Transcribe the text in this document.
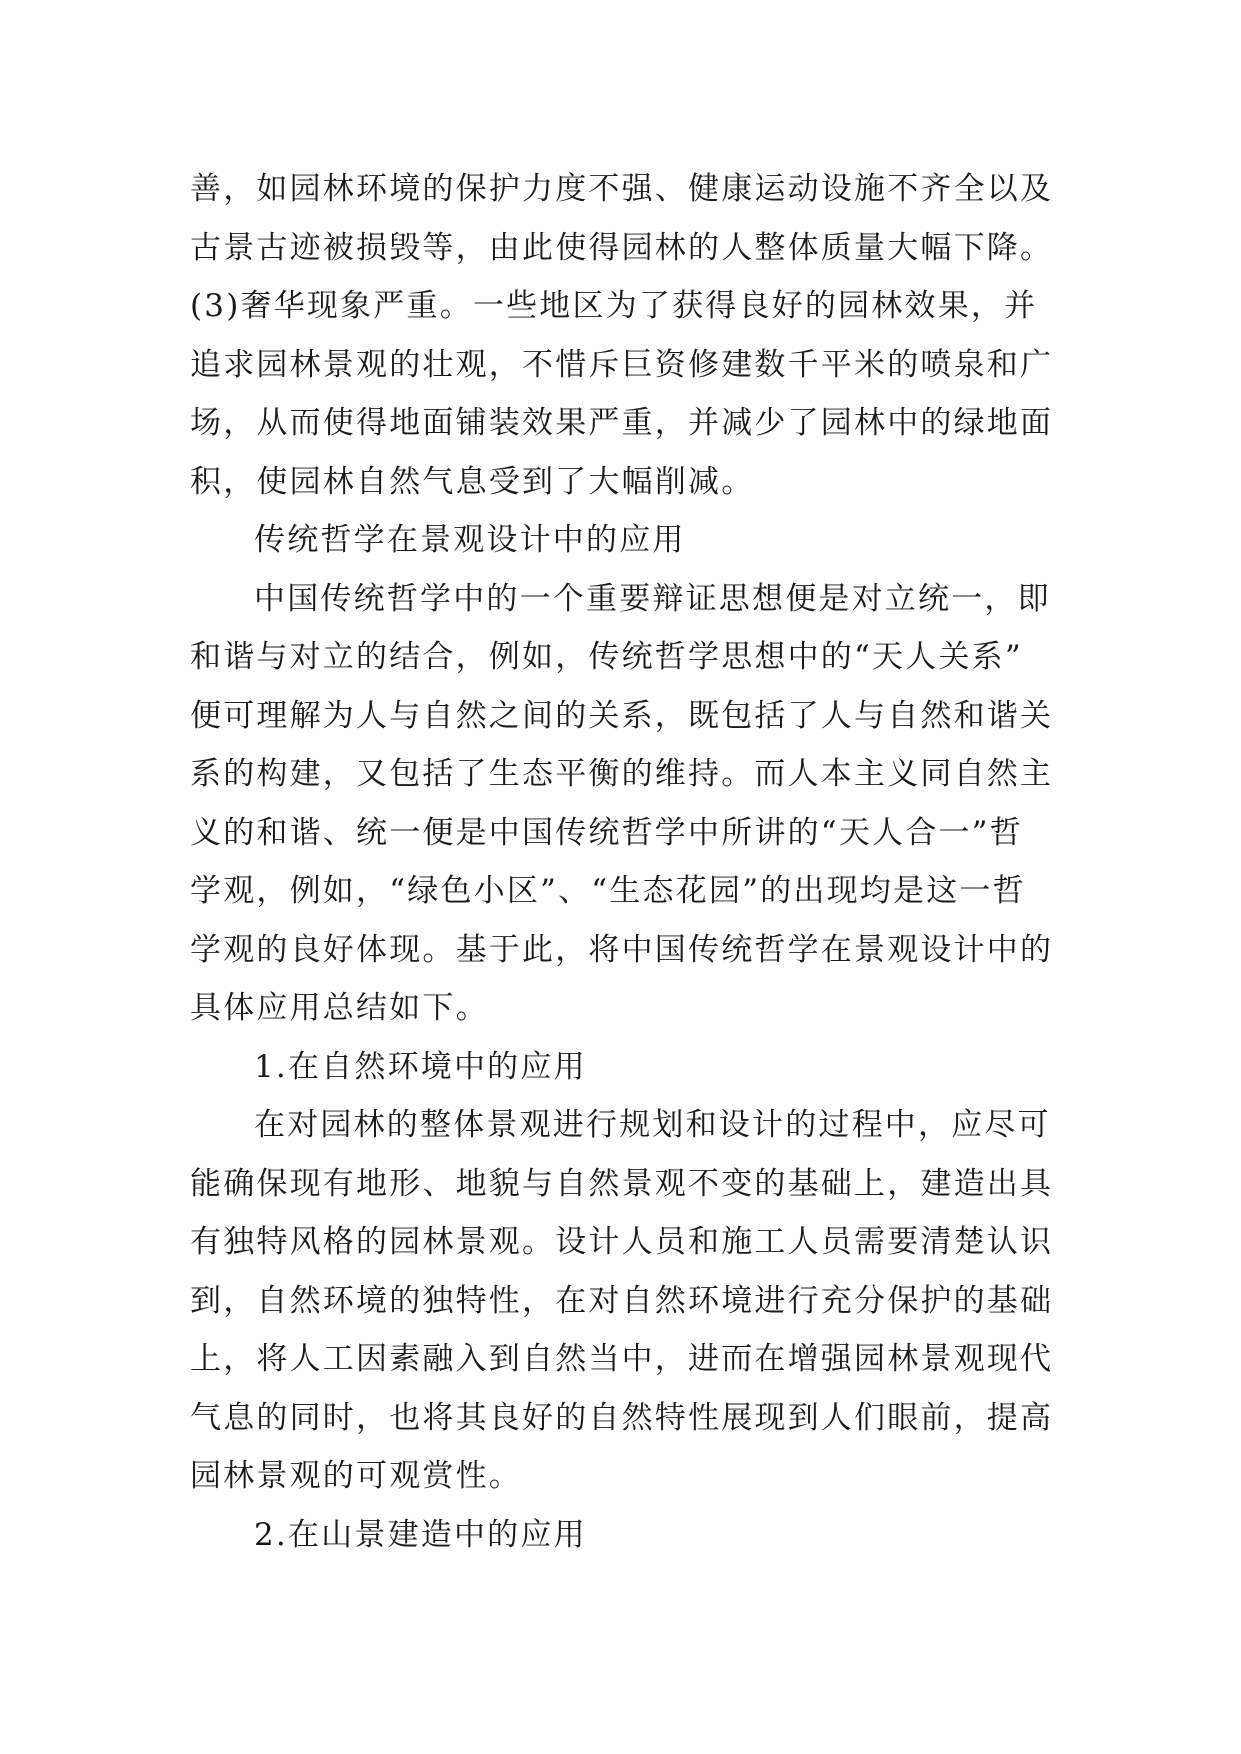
善，如园林环境的保护力度不强、健康运动设施不齐全以及
古景古迹被损毁等，由此使得园林的人整体质量大幅下降。
(3)奢华现象严重。一些地区为了获得良好的园林效果，并
追求园林景观的壮观，不惜斥巨资修建数千平米的喷泉和广
场，从而使得地面铺装效果严重，并减少了园林中的绿地面
积，使园林自然气息受到了大幅削减。
传统哲学在景观设计中的应用
中国传统哲学中的一个重要辩证思想便是对立统一，即
和谐与对立的结合，例如，传统哲学思想中的“天人关系”
便可理解为人与自然之间的关系，既包括了人与自然和谐关
系的构建，又包括了生态平衡的维持。而人本主义同自然主
义的和谐、统一便是中国传统哲学中所讲的“天人合一”哲
学观，例如，“绿色小区”、“生态花园”的出现均是这一哲
学观的良好体现。基于此，将中国传统哲学在景观设计中的
具体应用总结如下。
1.在自然环境中的应用
在对园林的整体景观进行规划和设计的过程中，应尽可
能确保现有地形、地貌与自然景观不变的基础上，建造出具
有独特风格的园林景观。设计人员和施工人员需要清楚认识
到，自然环境的独特性，在对自然环境进行充分保护的基础
上，将人工因素融入到自然当中，进而在增强园林景观现代
气息的同时，也将其良好的自然特性展现到人们眼前，提高
园林景观的可观赏性。
2.在山景建造中的应用
